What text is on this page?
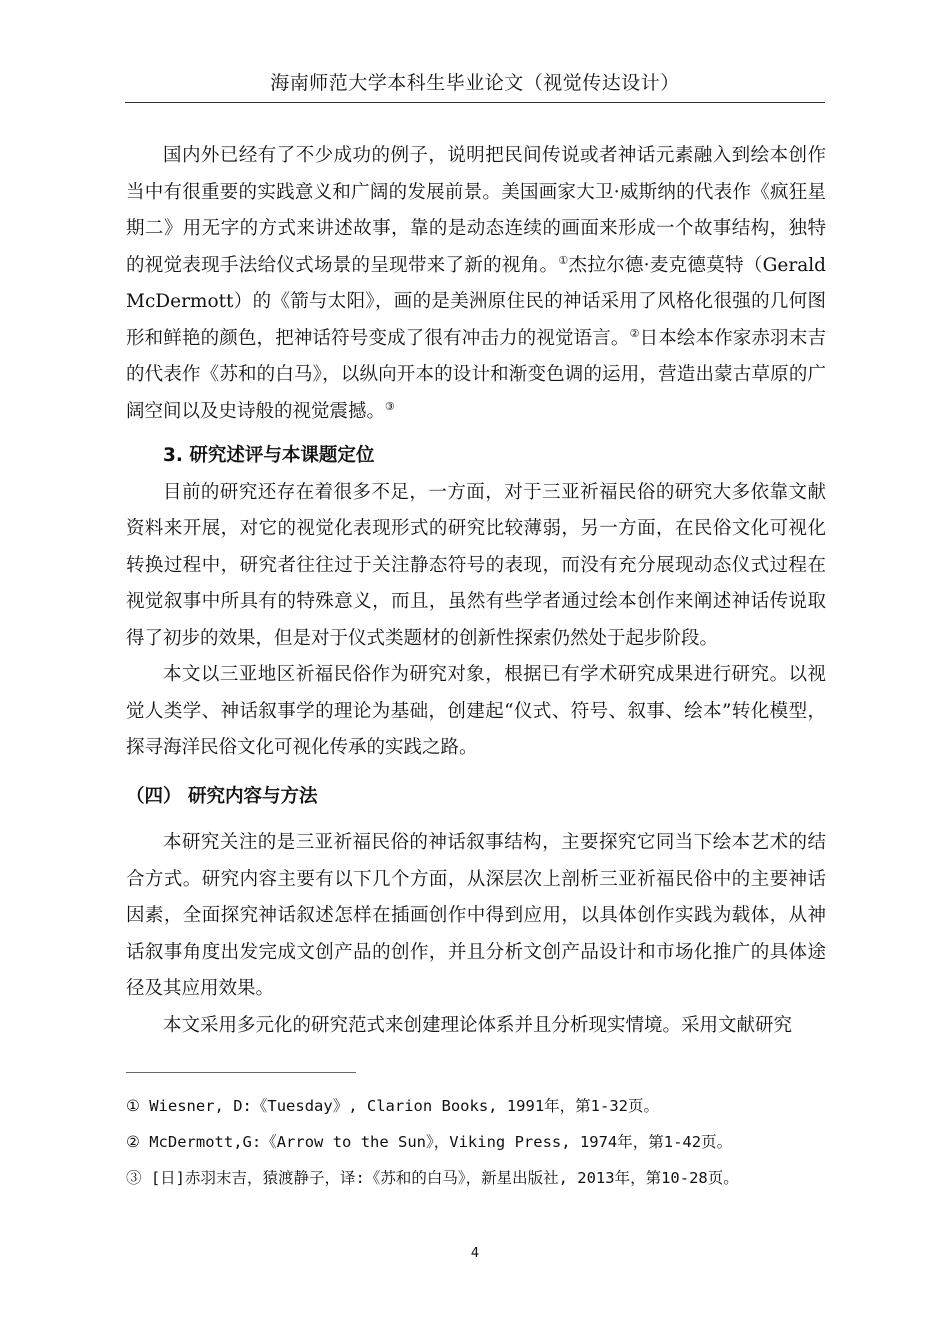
海南师范大学本科生毕业论文（视觉传达设计）

国内外已经有了不少成功的例子，说明把民间传说或者神话元素融入到绘本创作当中有很重要的实践意义和广阔的发展前景。美国画家大卫·威斯纳的代表作《疯狂星期二》用无字的方式来讲述故事，靠的是动态连续的画面来形成一个故事结构，独特的视觉表现手法给仪式场景的呈现带来了新的视角。①杰拉尔德·麦克德莫特（Gerald McDermott）的《箭与太阳》，画的是美洲原住民的神话采用了风格化很强的几何图形和鲜艳的颜色，把神话符号变成了很有冲击力的视觉语言。②日本绘本作家赤羽末吉的代表作《苏和的白马》，以纵向开本的设计和渐变色调的运用，营造出蒙古草原的广阔空间以及史诗般的视觉震撼。③

3. 研究述评与本课题定位

目前的研究还存在着很多不足，一方面，对于三亚祈福民俗的研究大多依靠文献资料来开展，对它的视觉化表现形式的研究比较薄弱，另一方面，在民俗文化可视化转换过程中，研究者往往过于关注静态符号的表现，而没有充分展现动态仪式过程在视觉叙事中所具有的特殊意义，而且，虽然有些学者通过绘本创作来阐述神话传说取得了初步的效果，但是对于仪式类题材的创新性探索仍然处于起步阶段。

本文以三亚地区祈福民俗作为研究对象，根据已有学术研究成果进行研究。以视觉人类学、神话叙事学的理论为基础，创建起“仪式、符号、叙事、绘本”转化模型，探寻海洋民俗文化可视化传承的实践之路。

（四） 研究内容与方法

本研究关注的是三亚祈福民俗的神话叙事结构，主要探究它同当下绘本艺术的结合方式。研究内容主要有以下几个方面，从深层次上剖析三亚祈福民俗中的主要神话因素，全面探究神话叙述怎样在插画创作中得到应用，以具体创作实践为载体，从神话叙事角度出发完成文创产品的创作，并且分析文创产品设计和市场化推广的具体途径及其应用效果。

本文采用多元化的研究范式来创建理论体系并且分析现实情境。采用文献研究

① Wiesner, D:《Tuesday》, Clarion Books, 1991年，第1-32页。
② McDermott,G:《Arrow to the Sun》，Viking Press, 1974年，第1-42页。
③ [日]赤羽末吉，猿渡静子，译:《苏和的白马》，新星出版社, 2013年，第10-28页。
4
